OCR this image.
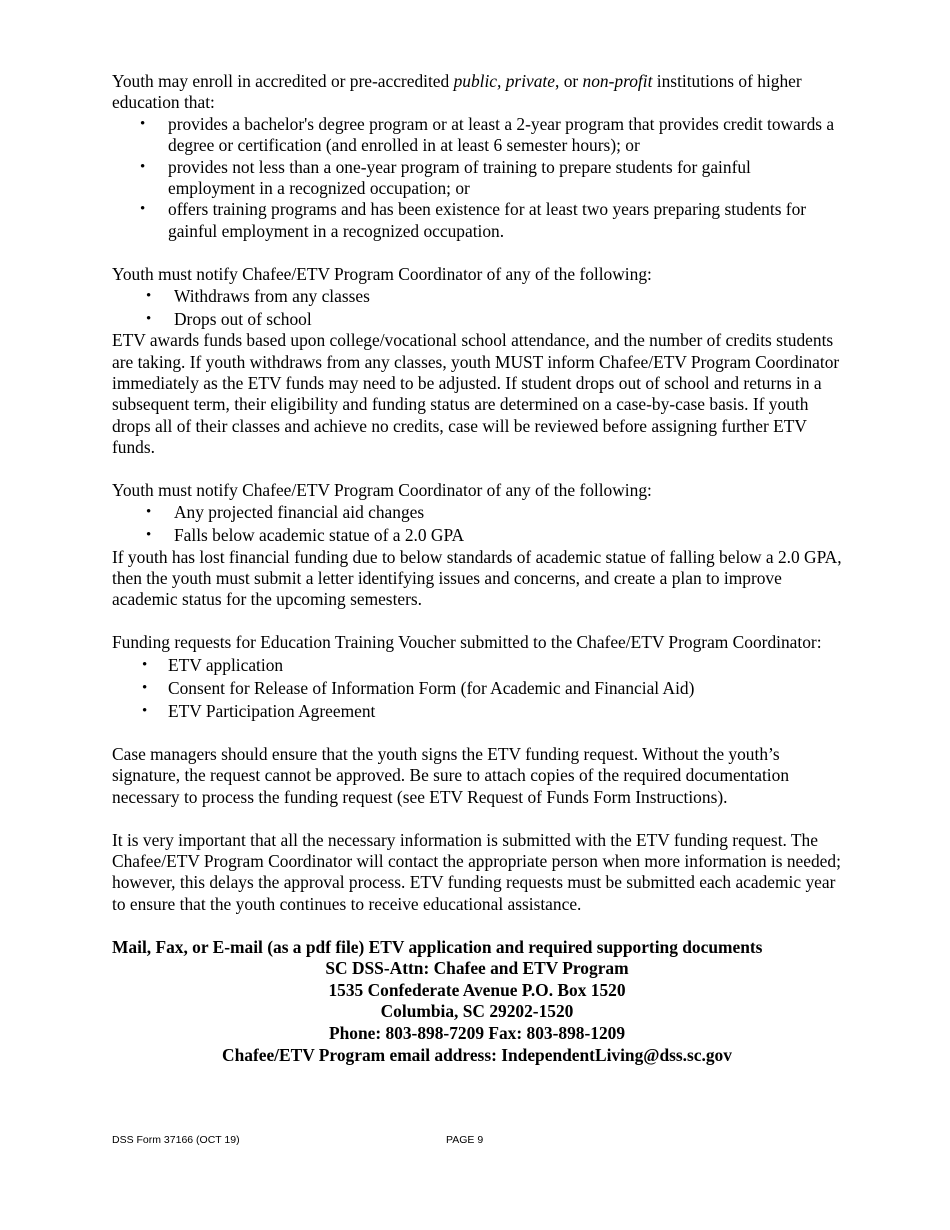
Youth may enroll in accredited or pre-accredited public, private, or non-profit institutions of higher education that:

• provides a bachelor's degree program or at least a 2-year program that provides credit towards a degree or certification (and enrolled in at least 6 semester hours); or
• provides not less than a one-year program of training to prepare students for gainful employment in a recognized occupation; or
• offers training programs and has been existence for at least two years preparing students for gainful employment in a recognized occupation.

Youth must notify Chafee/ETV Program Coordinator of any of the following:

• Withdraws from any classes
• Drops out of school

ETV awards funds based upon college/vocational school attendance, and the number of credits students are taking. If youth withdraws from any classes, youth MUST inform Chafee/ETV Program Coordinator immediately as the ETV funds may need to be adjusted. If student drops out of school and returns in a subsequent term, their eligibility and funding status are determined on a case-by-case basis. If youth drops all of their classes and achieve no credits, case will be reviewed before assigning further ETV funds.

Youth must notify Chafee/ETV Program Coordinator of any of the following:

• Any projected financial aid changes
• Falls below academic statue of a 2.0 GPA

If youth has lost financial funding due to below standards of academic statue of falling below a 2.0 GPA, then the youth must submit a letter identifying issues and concerns, and create a plan to improve academic status for the upcoming semesters.

Funding requests for Education Training Voucher submitted to the Chafee/ETV Program Coordinator:

• ETV application
• Consent for Release of Information Form (for Academic and Financial Aid)
• ETV Participation Agreement

Case managers should ensure that the youth signs the ETV funding request. Without the youth’s signature, the request cannot be approved. Be sure to attach copies of the required documentation necessary to process the funding request (see ETV Request of Funds Form Instructions).

It is very important that all the necessary information is submitted with the ETV funding request. The Chafee/ETV Program Coordinator will contact the appropriate person when more information is needed; however, this delays the approval process. ETV funding requests must be submitted each academic year to ensure that the youth continues to receive educational assistance.

Mail, Fax, or E-mail (as a pdf file) ETV application and required supporting documents
SC DSS-Attn: Chafee and ETV Program
1535 Confederate Avenue P.O. Box 1520
Columbia, SC 29202-1520
Phone: 803-898-7209 Fax: 803-898-1209
Chafee/ETV Program email address: IndependentLiving@dss.sc.gov
DSS Form 37166 (OCT 19)	PAGE 9
